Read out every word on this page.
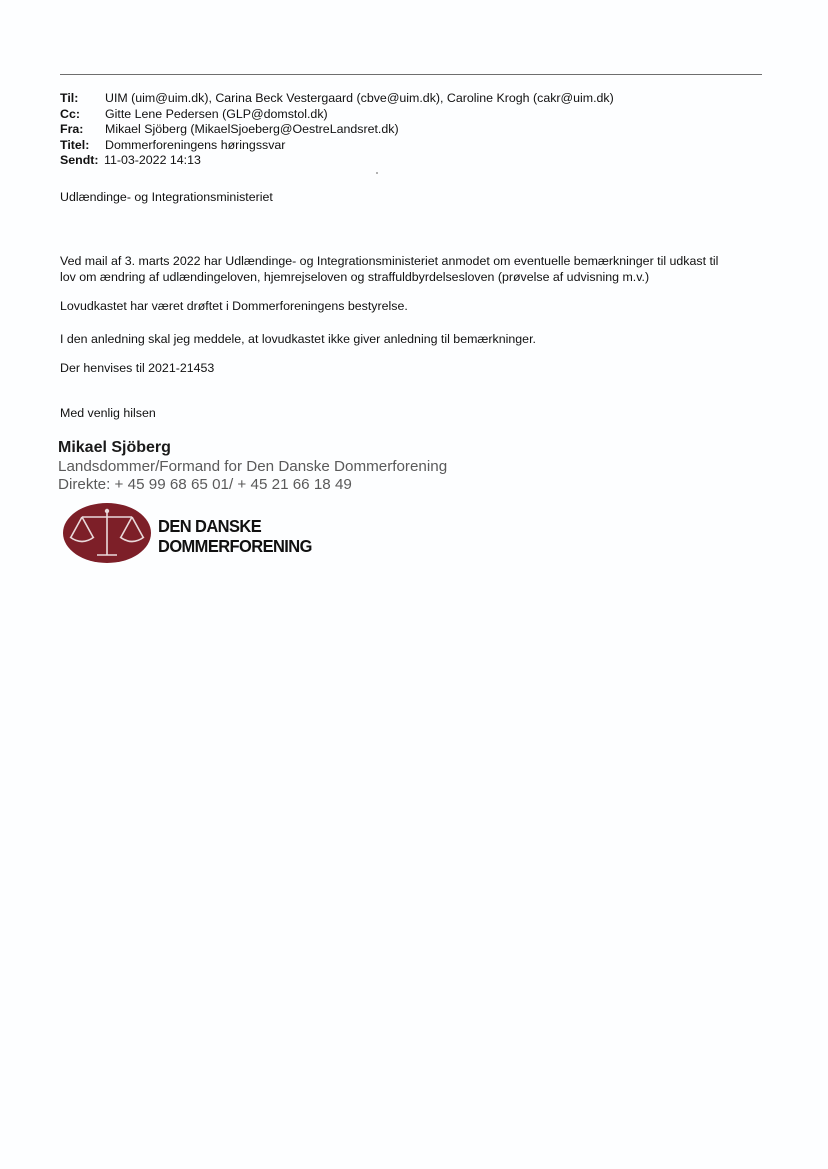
Til:	UIM (uim@uim.dk), Carina Beck Vestergaard (cbve@uim.dk), Caroline Krogh (cakr@uim.dk)
Cc:	Gitte Lene Pedersen (GLP@domstol.dk)
Fra:	Mikael Sjöberg (MikaelSjoeberg@OestreLandsret.dk)
Titel:	Dommerforeningens høringssvar
Sendt: 11-03-2022 14:13
Udlændinge- og Integrationsministeriet
Ved mail af 3. marts 2022 har Udlændinge- og Integrationsministeriet anmodet om eventuelle bemærkninger til udkast til
lov om ændring af udlændingeloven, hjemrejseloven og straffuldbyrdelsesloven (prøvelse af udvisning m.v.)
Lovudkastet har været drøftet i Dommerforeningens bestyrelse.
I den anledning skal jeg meddele, at lovudkastet ikke giver anledning til bemærkninger.
Der henvises til 2021-21453
Med venlig hilsen
Mikael Sjöberg
Landsdommer/Formand for Den Danske Dommerforening
Direkte: + 45 99 68 65 01/ + 45 21 66 18 49
DEN DANSKE
DOMMERFORENING
